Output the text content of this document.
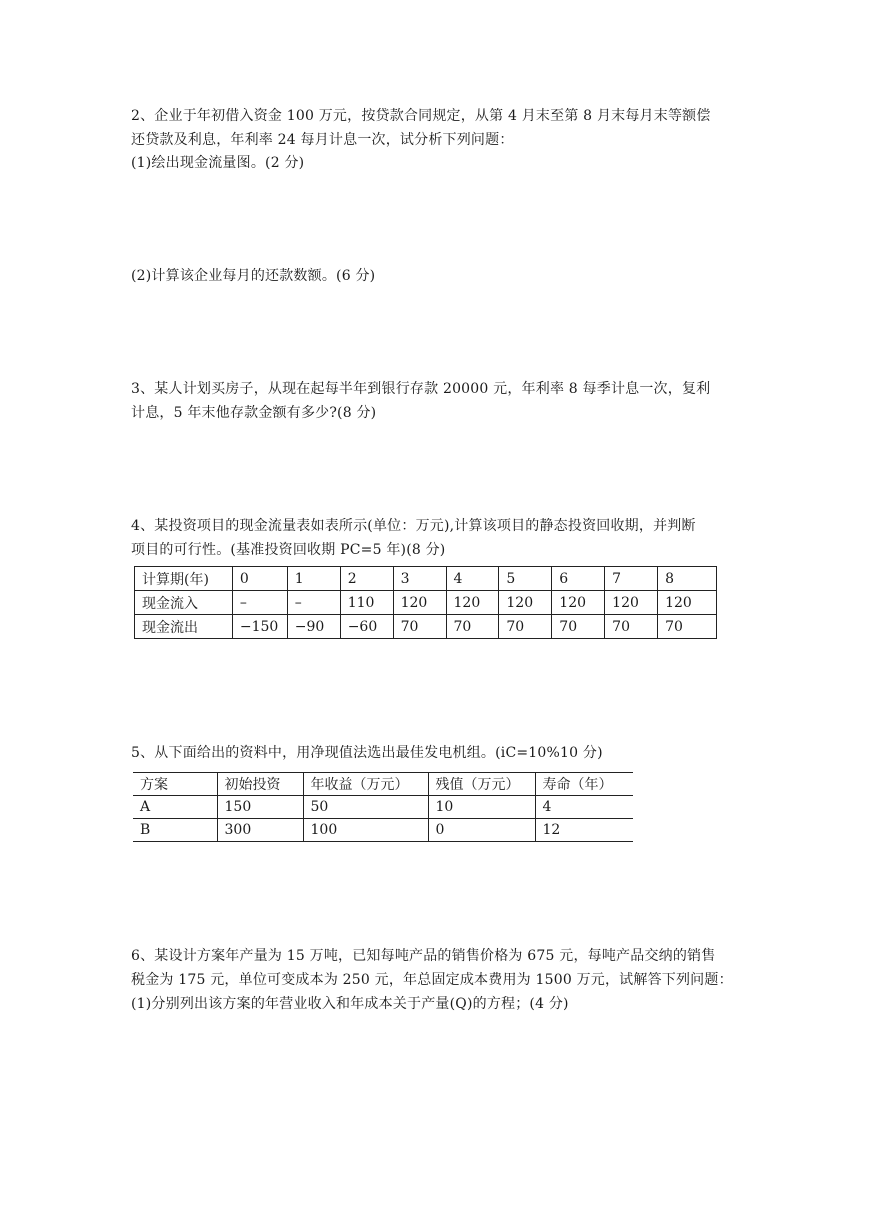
2、企业于年初借入资金 100 万元，按贷款合同规定，从第 4 月末至第 8 月末每月末等额偿
还贷款及利息，年利率 24 每月计息一次，试分析下列问题：
(1)绘出现金流量图。(2 分)
(2)计算该企业每月的还款数额。(6 分)
3、某人计划买房子，从现在起每半年到银行存款 20000 元，年利率 8 每季计息一次，复利
计息，5 年末他存款金额有多少?(8 分)
4、某投资项目的现金流量表如表所示(单位：万元),计算该项目的静态投资回收期，并判断
项目的可行性。(基准投资回收期 PC=5 年)(8 分)
计算期(年)	0	1	2	3	4	5	6	7	8
现金流入	–	–	110	120	120	120	120	120	120
现金流出	−150	−90	−60	70	70	70	70	70	70
5、从下面给出的资料中，用净现值法选出最佳发电机组。(iC=10%10 分)
方案	初始投资	年收益（万元）	残值（万元）	寿命（年）
A	150	50	10	4
B	300	100	0	12
6、某设计方案年产量为 15 万吨，已知每吨产品的销售价格为 675 元，每吨产品交纳的销售
税金为 175 元，单位可变成本为 250 元，年总固定成本费用为 1500 万元，试解答下列问题：
(1)分别列出该方案的年营业收入和年成本关于产量(Q)的方程；(4 分)
